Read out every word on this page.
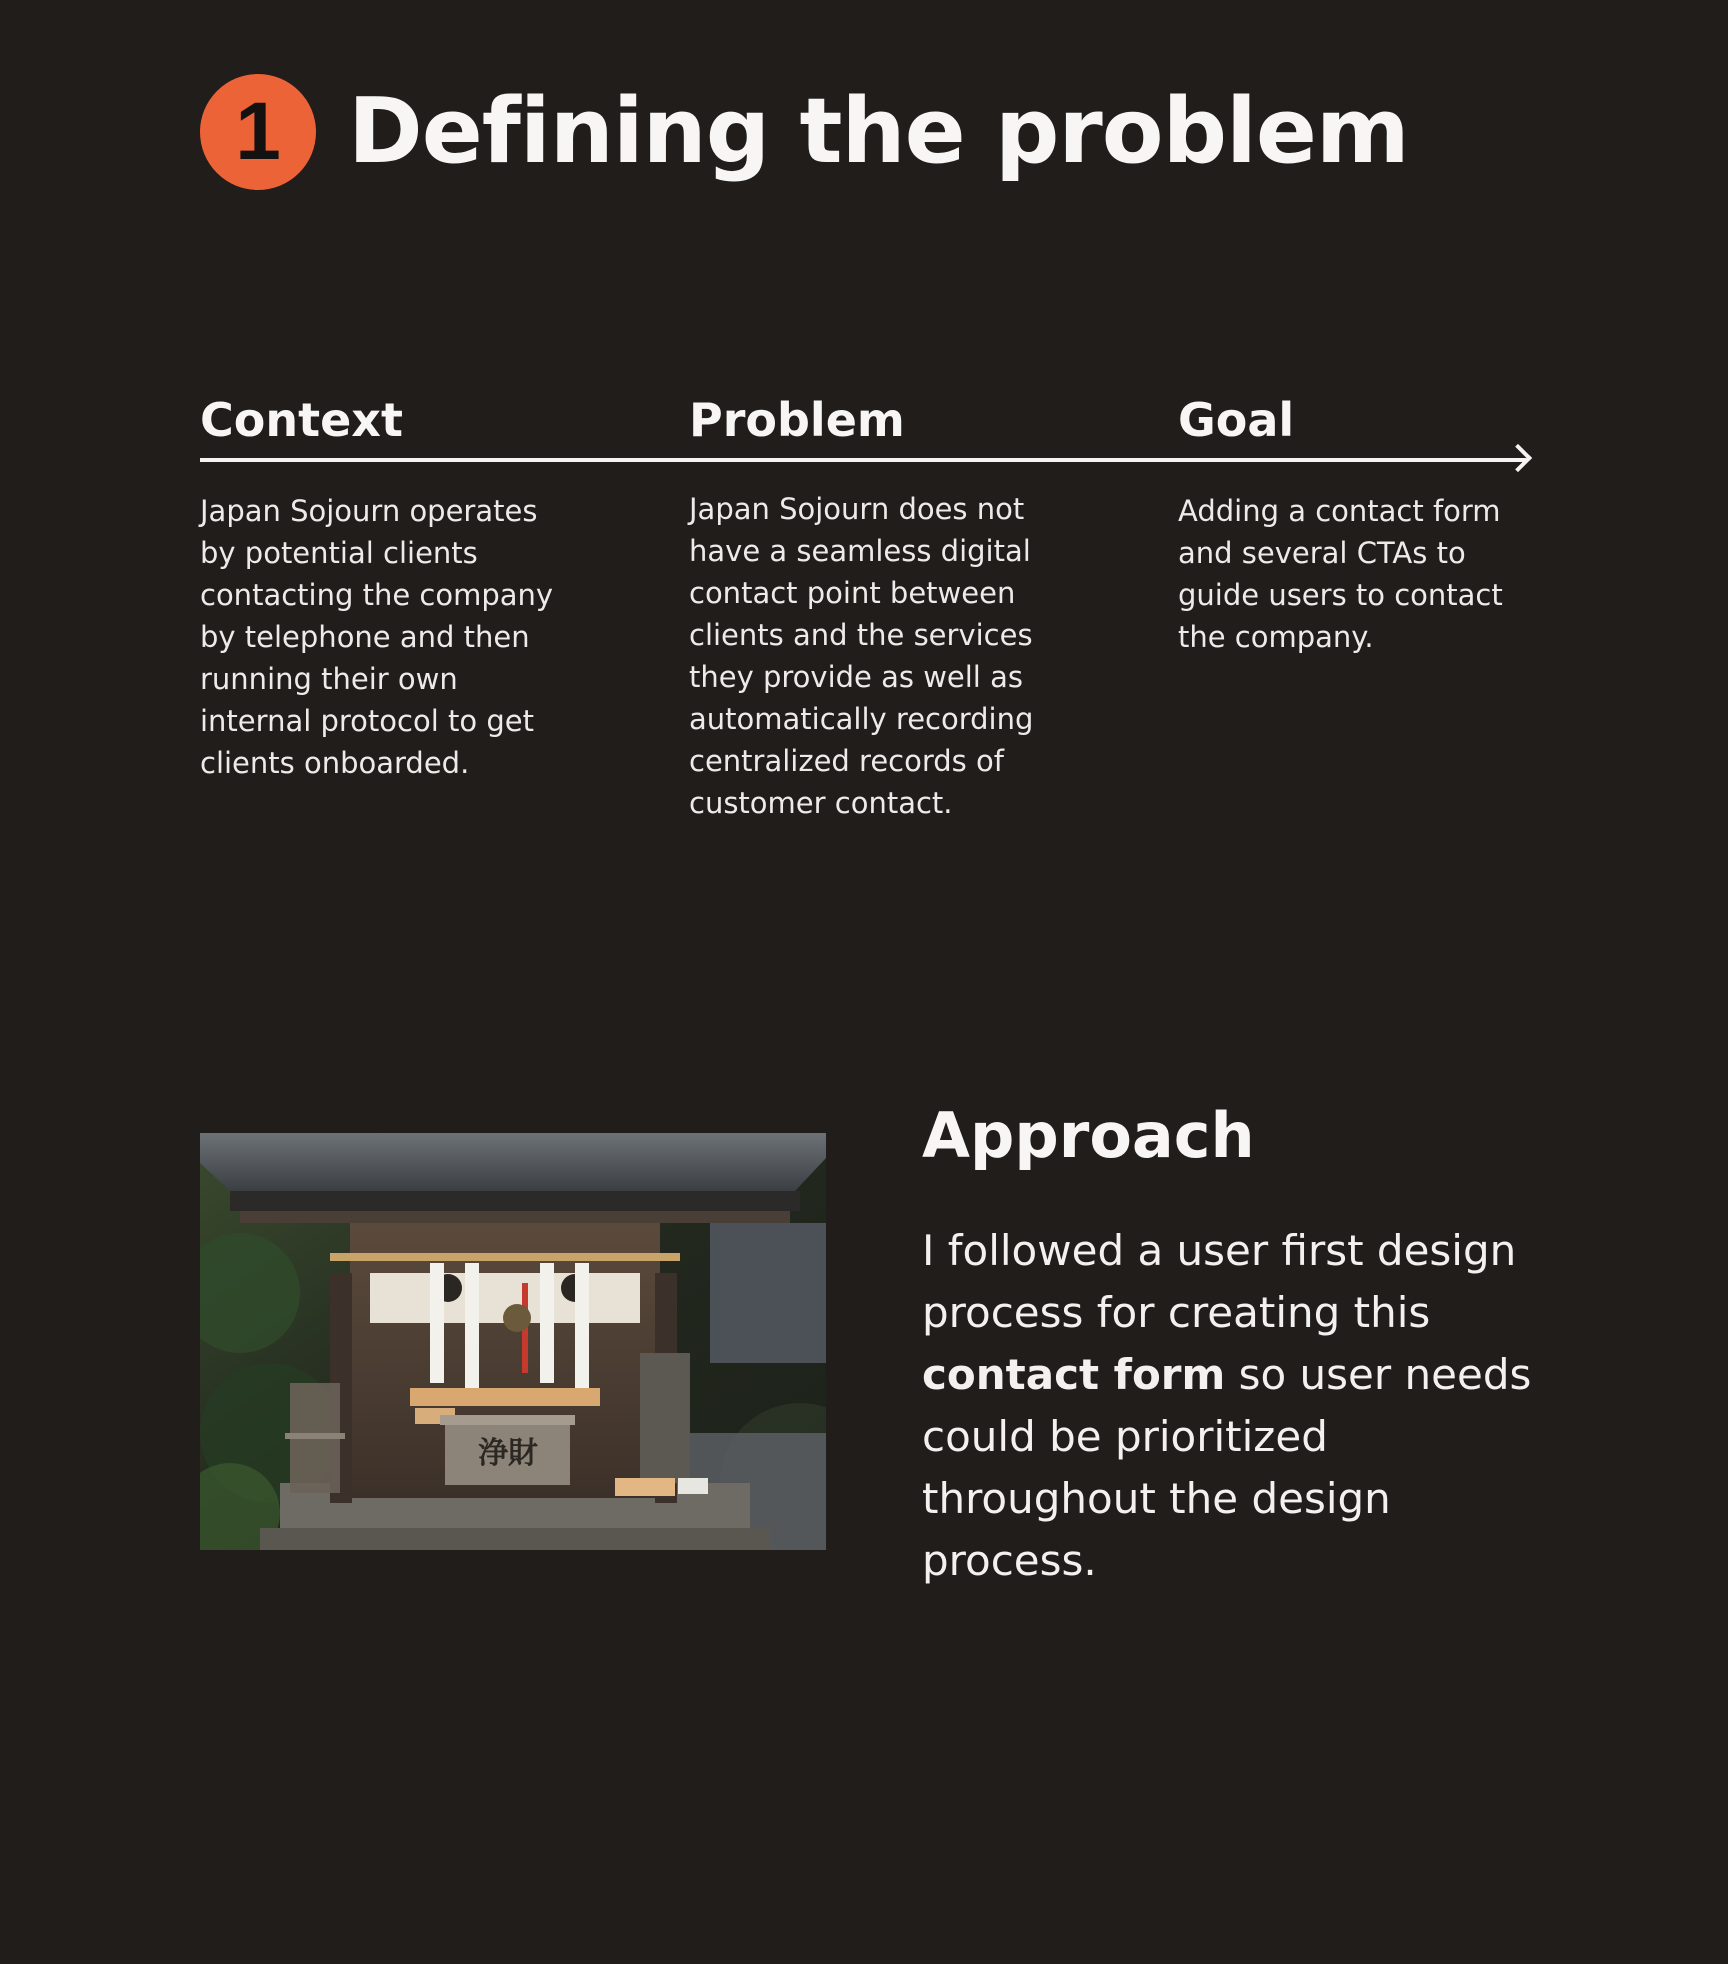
1 Defining the problem
Context	Problem	Goal

Japan Sojourn operates by potential clients contacting the company by telephone and then running their own internal protocol to get clients onboarded.

Japan Sojourn does not have a seamless digital contact point between clients and the services they provide as well as automatically recording centralized records of customer contact.

Adding a contact form and several CTAs to guide users to contact the company.

浄財
Approach

I followed a user first design process for creating this contact form so user needs could be prioritized throughout the design process.
